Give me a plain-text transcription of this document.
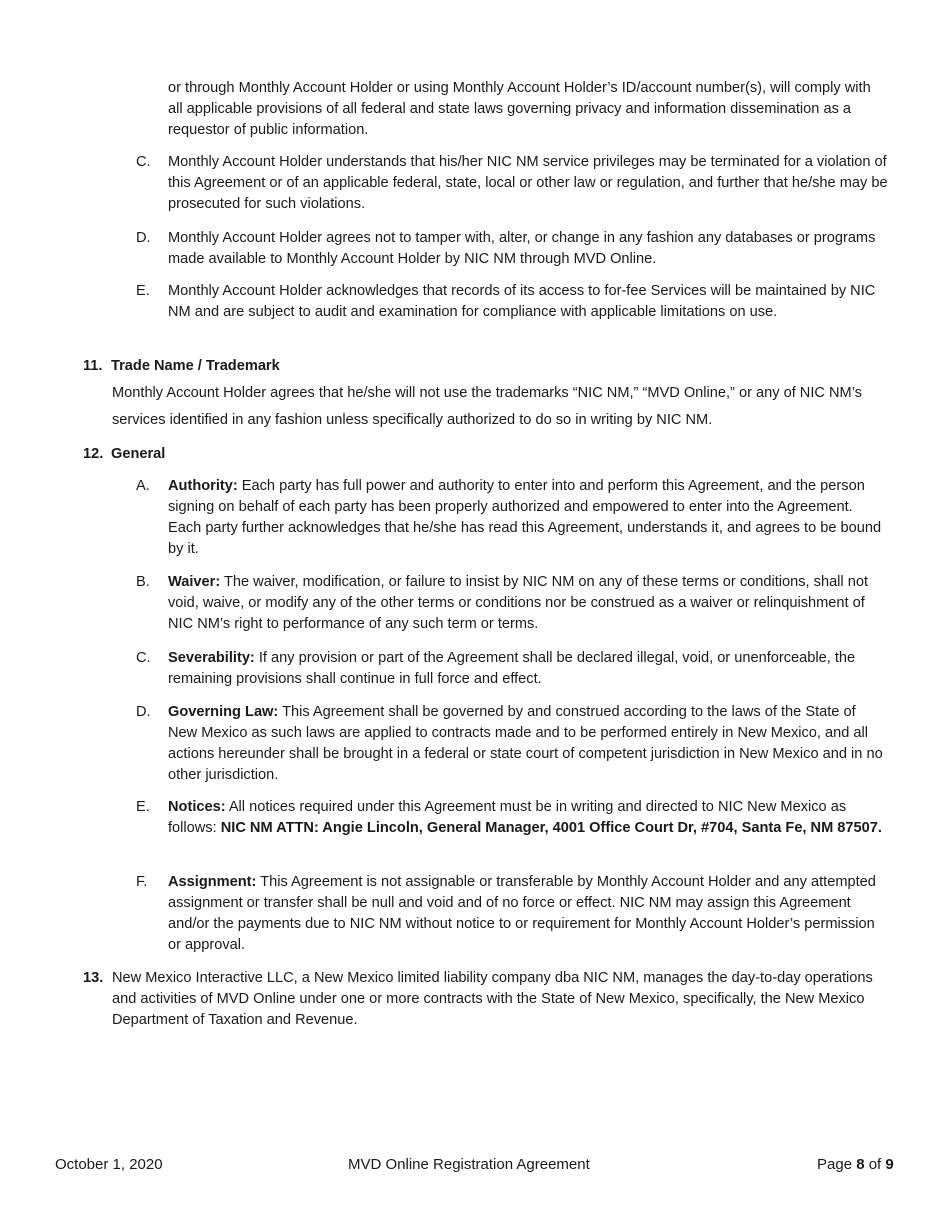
or through Monthly Account Holder or using Monthly Account Holder’s ID/account number(s), will comply with all applicable provisions of all federal and state laws governing privacy and information dissemination as a requestor of public information.

C.	Monthly Account Holder understands that his/her NIC NM service privileges may be terminated for a violation of this Agreement or of an applicable federal, state, local or other law or regulation, and further that he/she may be prosecuted for such violations.
D.	Monthly Account Holder agrees not to tamper with, alter, or change in any fashion any databases or programs made available to Monthly Account Holder by NIC NM through MVD Online.
E.	Monthly Account Holder acknowledges that records of its access to for-fee Services will be maintained by NIC NM and are subject to audit and examination for compliance with applicable limitations on use.
11. Trade Name / Trademark
Monthly Account Holder agrees that he/she will not use the trademarks “NIC NM,” “MVD Online,” or any of NIC NM’s services identified in any fashion unless specifically authorized to do so in writing by NIC NM.
12. General
A.	Authority: Each party has full power and authority to enter into and perform this Agreement, and the person signing on behalf of each party has been properly authorized and empowered to enter into the Agreement. Each party further acknowledges that he/she has read this Agreement, understands it, and agrees to be bound by it.
B.	Waiver: The waiver, modification, or failure to insist by NIC NM on any of these terms or conditions, shall not void, waive, or modify any of the other terms or conditions nor be construed as a waiver or relinquishment of NIC NM’s right to performance of any such term or terms.
C.	Severability: If any provision or part of the Agreement shall be declared illegal, void, or unenforceable, the remaining provisions shall continue in full force and effect.
D.	Governing Law: This Agreement shall be governed by and construed according to the laws of the State of New Mexico as such laws are applied to contracts made and to be performed entirely in New Mexico, and all actions hereunder shall be brought in a federal or state court of competent jurisdiction in New Mexico and in no other jurisdiction.
E.	Notices: All notices required under this Agreement must be in writing and directed to NIC New Mexico as follows: NIC NM ATTN: Angie Lincoln, General Manager, 4001 Office Court Dr, #704, Santa Fe, NM 87507.
F.	Assignment: This Agreement is not assignable or transferable by Monthly Account Holder and any attempted assignment or transfer shall be null and void and of no force or effect. NIC NM may assign this Agreement and/or the payments due to NIC NM without notice to or requirement for Monthly Account Holder’s permission or approval.
13. New Mexico Interactive LLC, a New Mexico limited liability company dba NIC NM, manages the day-to-day operations and activities of MVD Online under one or more contracts with the State of New Mexico, specifically, the New Mexico Department of Taxation and Revenue.
October 1, 2020	MVD Online Registration Agreement	Page 8 of 9
